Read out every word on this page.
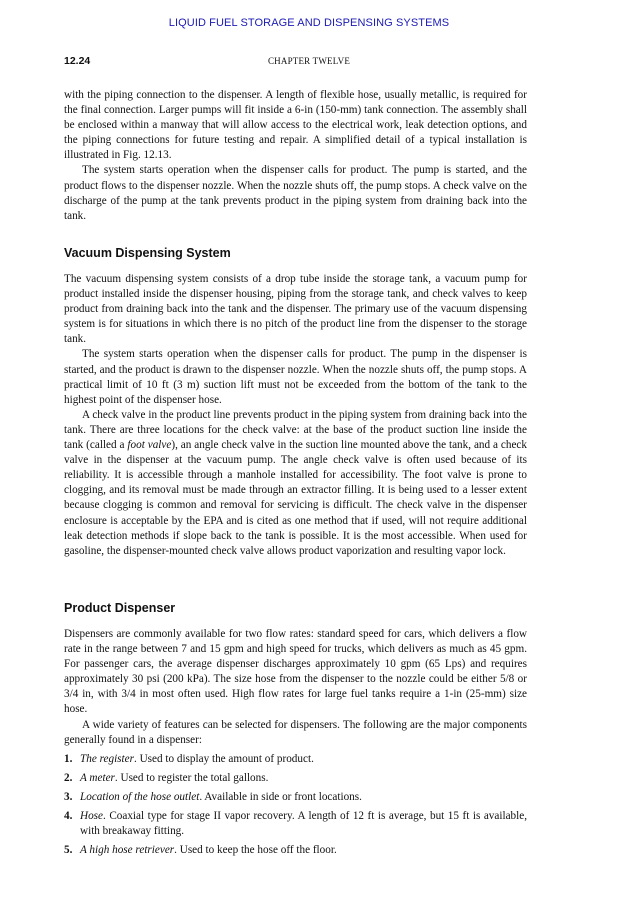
LIQUID FUEL STORAGE AND DISPENSING SYSTEMS
12.24	CHAPTER TWELVE

with the piping connection to the dispenser. A length of flexible hose, usually metallic, is required for the final connection. Larger pumps will fit inside a 6-in (150-mm) tank connection. The assembly shall be enclosed within a manway that will allow access to the electrical work, leak detection options, and the piping connections for future testing and repair. A simplified detail of a typical installation is illustrated in Fig. 12.13.

The system starts operation when the dispenser calls for product. The pump is started, and the product flows to the dispenser nozzle. When the nozzle shuts off, the pump stops. A check valve on the discharge of the pump at the tank prevents product in the piping system from draining back into the tank.

Vacuum Dispensing System

The vacuum dispensing system consists of a drop tube inside the storage tank, a vacuum pump for product installed inside the dispenser housing, piping from the storage tank, and check valves to keep product from draining back into the tank and the dispenser. The primary use of the vacuum dispensing system is for situations in which there is no pitch of the product line from the dispenser to the storage tank.

The system starts operation when the dispenser calls for product. The pump in the dispenser is started, and the product is drawn to the dispenser nozzle. When the nozzle shuts off, the pump stops. A practical limit of 10 ft (3 m) suction lift must not be exceeded from the bottom of the tank to the highest point of the dispenser hose.

A check valve in the product line prevents product in the piping system from draining back into the tank. There are three locations for the check valve: at the base of the product suction line inside the tank (called a foot valve), an angle check valve in the suction line mounted above the tank, and a check valve in the dispenser at the vacuum pump. The angle check valve is often used because of its reliability. It is accessible through a manhole installed for accessibility. The foot valve is prone to clogging, and its removal must be made through an extractor filling. It is being used to a lesser extent because clogging is common and removal for servicing is difficult. The check valve in the dispenser enclosure is acceptable by the EPA and is cited as one method that if used, will not require additional leak detection methods if slope back to the tank is possible. It is the most accessible. When used for gasoline, the dispenser-mounted check valve allows product vaporization and resulting vapor lock.

Product Dispenser

Dispensers are commonly available for two flow rates: standard speed for cars, which delivers a flow rate in the range between 7 and 15 gpm and high speed for trucks, which delivers as much as 45 gpm. For passenger cars, the average dispenser discharges approximately 10 gpm (65 Lps) and requires approximately 30 psi (200 kPa). The size hose from the dispenser to the nozzle could be either 5/8 or 3/4 in, with 3/4 in most often used. High flow rates for large fuel tanks require a 1-in (25-mm) size hose.

A wide variety of features can be selected for dispensers. The following are the major components generally found in a dispenser:

1. The register. Used to display the amount of product.
2. A meter. Used to register the total gallons.
3. Location of the hose outlet. Available in side or front locations.
4. Hose. Coaxial type for stage II vapor recovery. A length of 12 ft is average, but 15 ft is available, with breakaway fitting.
5. A high hose retriever. Used to keep the hose off the floor.
